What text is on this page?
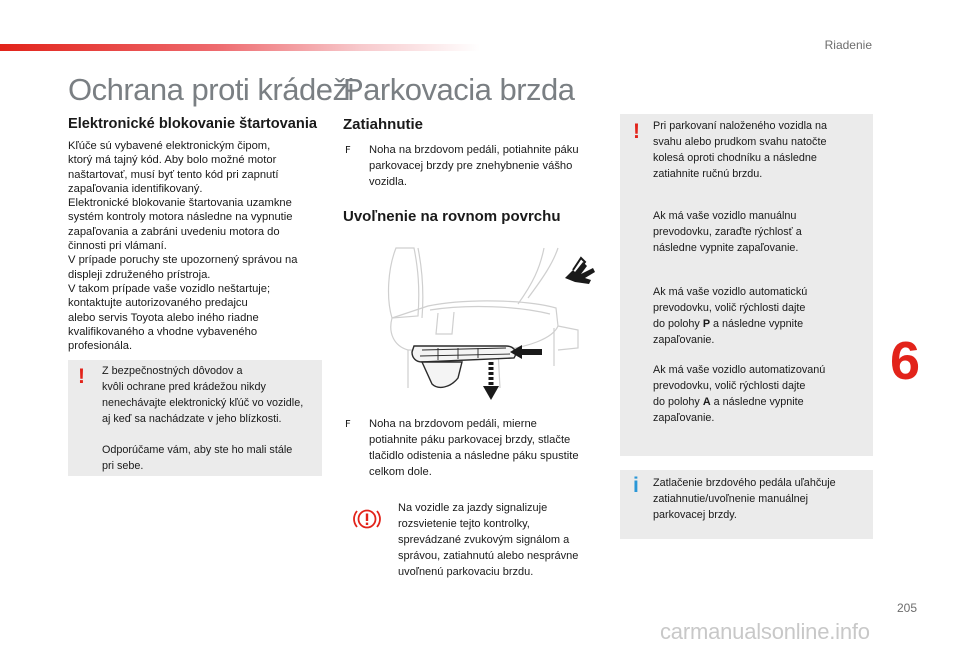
Riadenie
Ochrana proti krádeži
Elektronické blokovanie štartovania

Kľúče sú vybavené elektronickým čipom,

ktorý má tajný kód. Aby bolo možné motor

naštartovať, musí byť tento kód pri zapnutí

zapaľovania identifikovaný.

Elektronické blokovanie štartovania uzamkne

systém kontroly motora následne na vypnutie

zapaľovania a zabráni uvedeniu motora do

činnosti pri vlámaní.

V prípade poruchy ste upozornený správou na

displeji združeného prístroja.

V takom prípade vaše vozidlo neštartuje;

kontaktujte autorizovaného predajcu

alebo servis Toyota alebo iného riadne

kvalifikovaného a vhodne vybaveného

profesionála.

! Z bezpečnostných dôvodov a
kvôli ochrane pred krádežou nikdy
nenechávajte elektronický kľúč vo vozidle,
aj keď sa nachádzate v jeho blízkosti.
Odporúčame vám, aby ste ho mali stále
pri sebe.
Parkovacia brzda
Zatiahnutie
F Noha na brzdovom pedáli, potiahnite páku
parkovacej brzdy pre znehybnenie vášho
vozidla.
Uvoľnenie na rovnom povrchu
F Noha na brzdovom pedáli, mierne
potiahnite páku parkovacej brzdy, stlačte
tlačidlo odistenia a následne páku spustite
celkom dole.
Na vozidle za jazdy signalizuje
rozsvietenie tejto kontrolky,
sprevádzané zvukovým signálom a
správou, zatiahnutú alebo nesprávne
uvoľnenú parkovaciu brzdu.
! Pri parkovaní naloženého vozidla na
svahu alebo prudkom svahu natočte
kolesá oproti chodníku a následne
zatiahnite ručnú brzdu.
Ak má vaše vozidlo manuálnu
prevodovku, zaraďte rýchlosť a
následne vypnite zapaľovanie.
Ak má vaše vozidlo automatickú
prevodovku, volič rýchlosti dajte
do polohy P a následne vypnite
zapaľovanie.
Ak má vaše vozidlo automatizovanú
prevodovku, volič rýchlosti dajte
do polohy A a následne vypnite
zapaľovanie.
i Zatlačenie brzdového pedála uľahčuje
zatiahnutie/uvoľnenie manuálnej
parkovacej brzdy.
6
205
carmanualsonline.info
